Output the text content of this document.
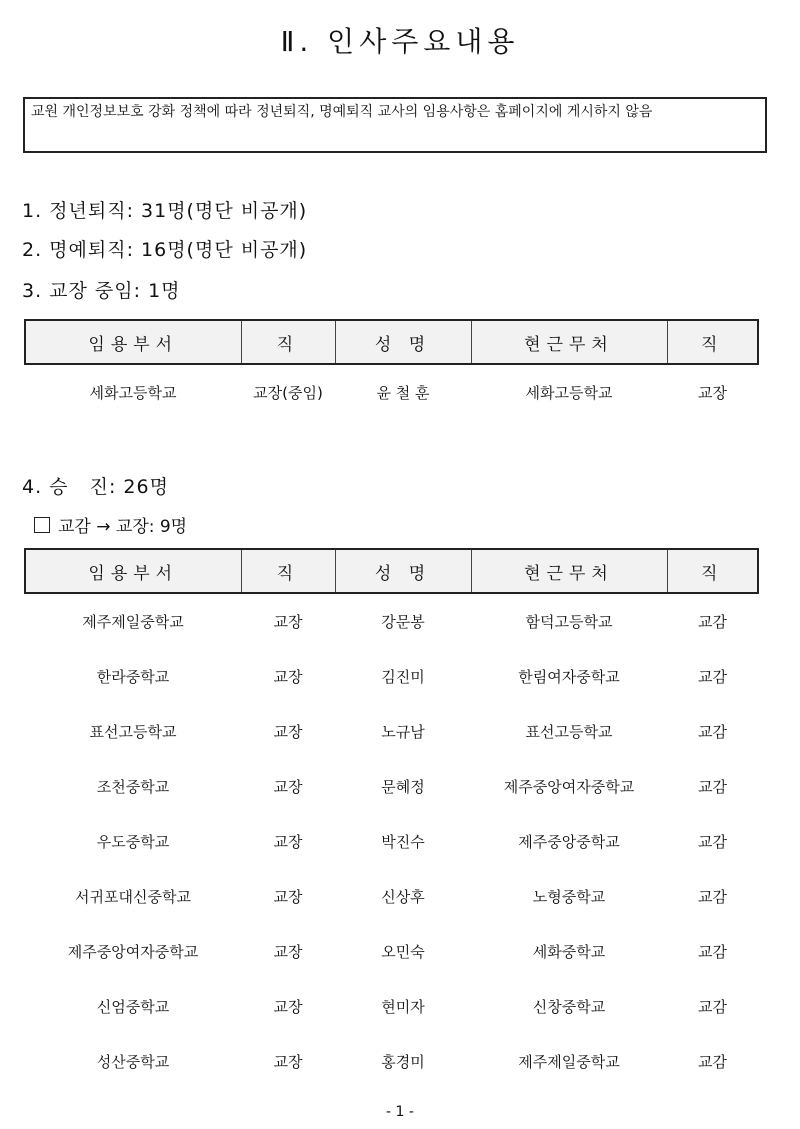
Ⅱ. 인사주요내용
교원 개인정보보호 강화 정책에 따라 정년퇴직, 명예퇴직 교사의 임용사항은 홈페이지에 게시하지 않음
1. 정년퇴직: 31명(명단 비공개)
2. 명예퇴직: 16명(명단 비공개)
3. 교장 중임: 1명
임용부서	직	성 명	현근무처	직
세화고등학교	교장(중임)	윤 철 훈	세화고등학교	교장
4. 승   진: 26명
교감 → 교장: 9명
임용부서	직	성 명	현근무처	직
제주제일중학교	교장	강문봉	함덕고등학교	교감
한라중학교	교장	김진미	한림여자중학교	교감
표선고등학교	교장	노규남	표선고등학교	교감
조천중학교	교장	문혜정	제주중앙여자중학교	교감
우도중학교	교장	박진수	제주중앙중학교	교감
서귀포대신중학교	교장	신상후	노형중학교	교감
제주중앙여자중학교	교장	오민숙	세화중학교	교감
신엄중학교	교장	현미자	신창중학교	교감
성산중학교	교장	홍경미	제주제일중학교	교감
- 1 -
